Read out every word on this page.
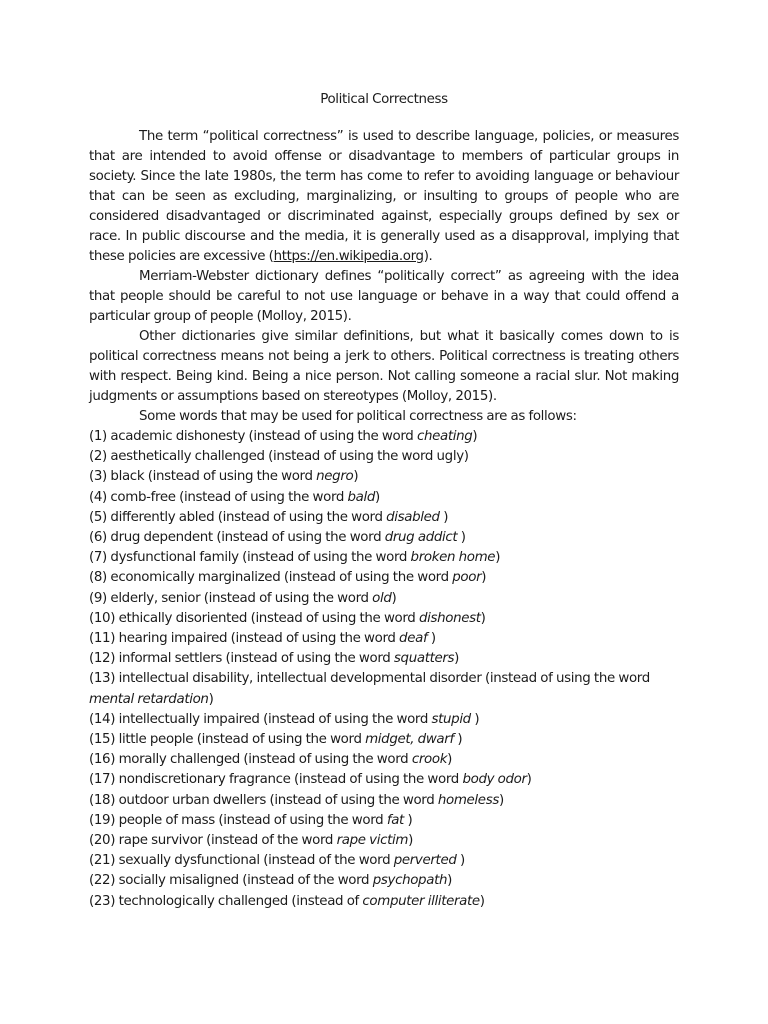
Political Correctness

The term “political correctness” is used to describe language, policies, or measures that are intended to avoid offense or disadvantage to members of particular groups in society. Since the late 1980s, the term has come to refer to avoiding language or behaviour that can be seen as excluding, marginalizing, or insulting to groups of people who are considered disadvantaged or discriminated against, especially groups defined by sex or race. In public discourse and the media, it is generally used as a disapproval, implying that these policies are excessive (https://en.wikipedia.org).

Merriam-Webster dictionary defines “politically correct” as agreeing with the idea that people should be careful to not use language or behave in a way that could offend a particular group of people (Molloy, 2015).

Other dictionaries give similar definitions, but what it basically comes down to is political correctness means not being a jerk to others. Political correctness is treating others with respect. Being kind. Being a nice person. Not calling someone a racial slur. Not making judgments or assumptions based on stereotypes (Molloy, 2015).

Some words that may be used for political correctness are as follows:

(1) academic dishonesty (instead of using the word cheating)
(2) aesthetically challenged (instead of using the word ugly)
(3) black (instead of using the word negro)
(4) comb-free (instead of using the word bald)
(5) differently abled (instead of using the word disabled )
(6) drug dependent (instead of using the word drug addict )
(7) dysfunctional family (instead of using the word broken home)
(8) economically marginalized (instead of using the word poor)
(9) elderly, senior (instead of using the word old)
(10) ethically disoriented (instead of using the word dishonest)
(11) hearing impaired (instead of using the word deaf )
(12) informal settlers (instead of using the word squatters)
(13) intellectual disability, intellectual developmental disorder (instead of using the word mental retardation)
(14) intellectually impaired (instead of using the word stupid )
(15) little people (instead of using the word midget, dwarf )
(16) morally challenged (instead of using the word crook)
(17) nondiscretionary fragrance (instead of using the word body odor)
(18) outdoor urban dwellers (instead of using the word homeless)
(19) people of mass (instead of using the word fat )
(20) rape survivor (instead of the word rape victim)
(21) sexually dysfunctional (instead of the word perverted )
(22) socially misaligned (instead of the word psychopath)
(23) technologically challenged (instead of computer illiterate)
